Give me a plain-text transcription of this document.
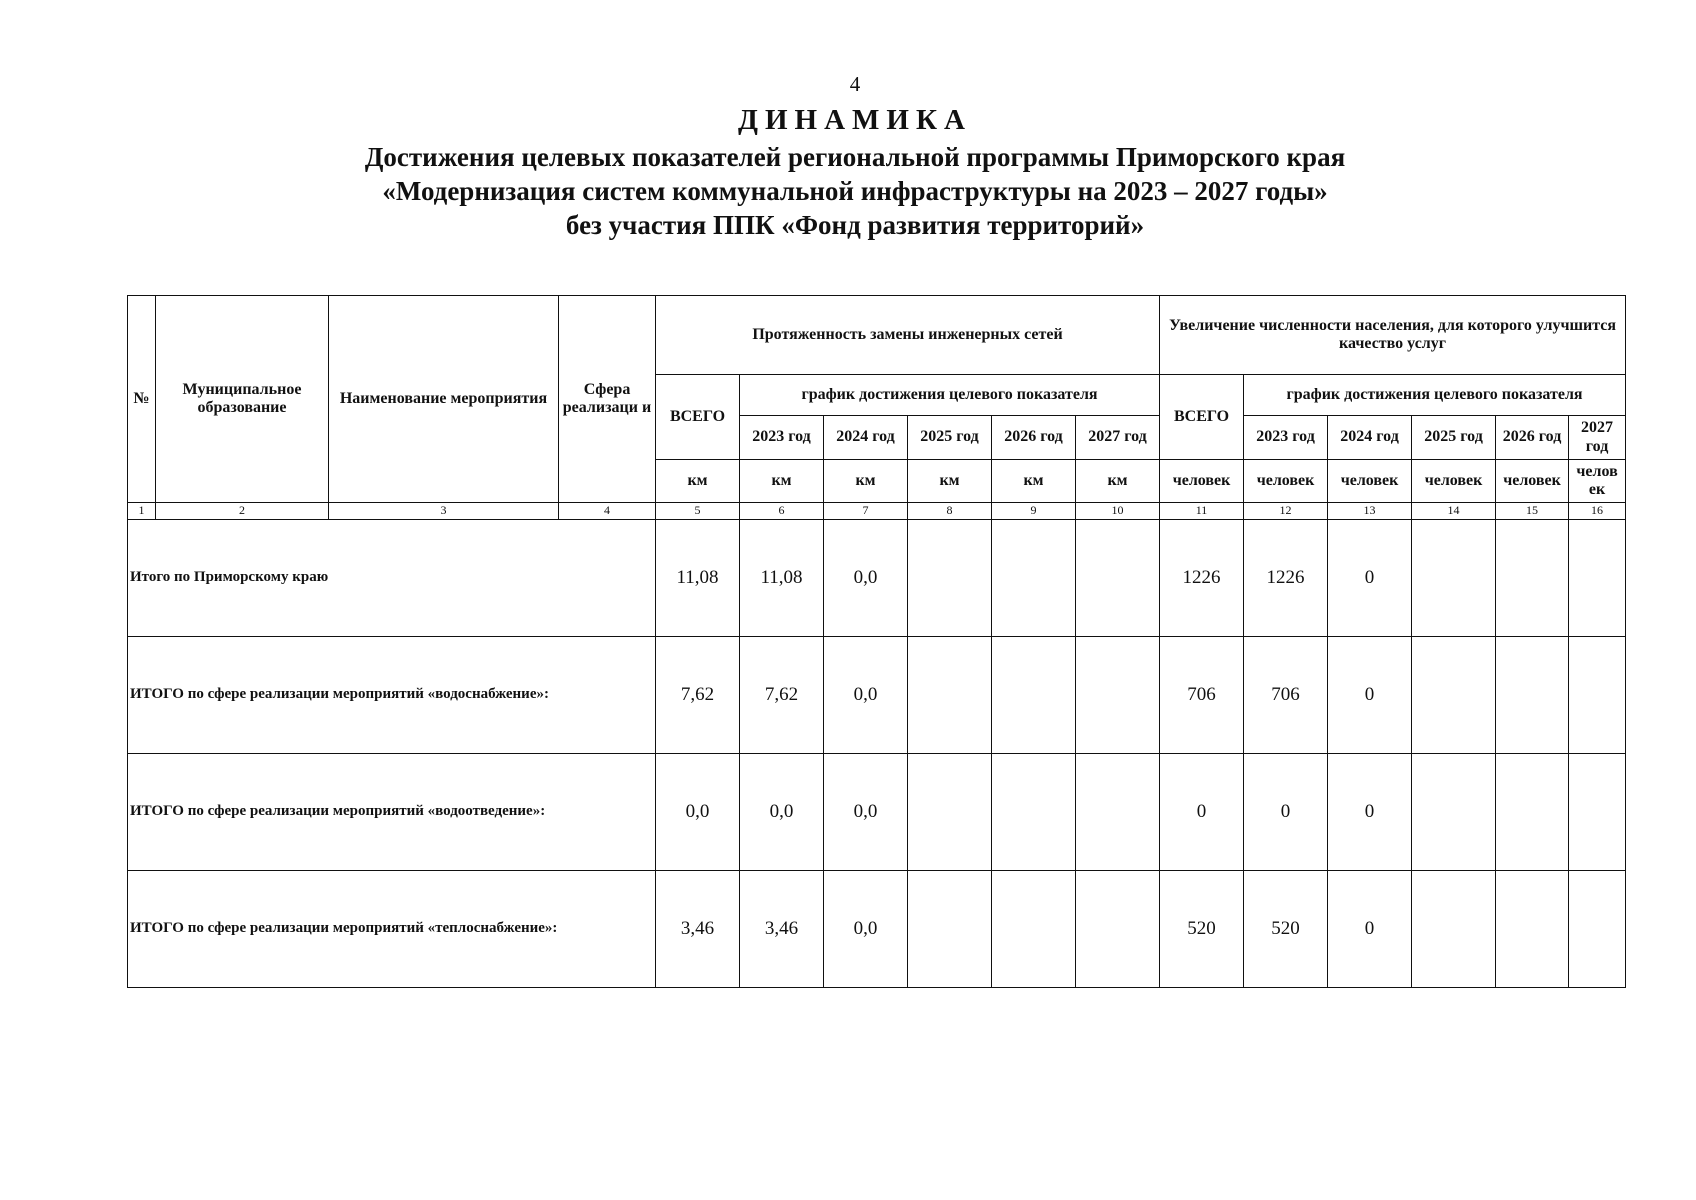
4
ДИНАМИКА
Достижения целевых показателей региональной программы Приморского края
«Модернизация систем коммунальной инфраструктуры на 2023 – 2027 годы»
без участия ППК «Фонд развития территорий»
№	Муниципальное образование	Наименование мероприятия	Сфера реализаци и	Протяженность замены инженерных сетей						Увеличение численности населения, для которого улучшится качество услуг					
				ВСЕГО	график достижения целевого показателя					ВСЕГО	график достижения целевого показателя				
					2023 год	2024 год	2025 год	2026 год	2027 год		2023 год	2024 год	2025 год	2026 год	2027 год
				км	км	км	км	км	км	человек	человек	человек	человек	человек	челов ек
1	2	3	4	5	6	7	8	9	10	11	12	13	14	15	16
Итого по Приморскому краю				11,08	11,08	0,0				1226	1226	0			
ИТОГО по сфере реализации мероприятий «водоснабжение»:				7,62	7,62	0,0				706	706	0			
ИТОГО по сфере реализации мероприятий «водоотведение»:				0,0	0,0	0,0				0	0	0			
ИТОГО по сфере реализации мероприятий «теплоснабжение»:				3,46	3,46	0,0				520	520	0			
